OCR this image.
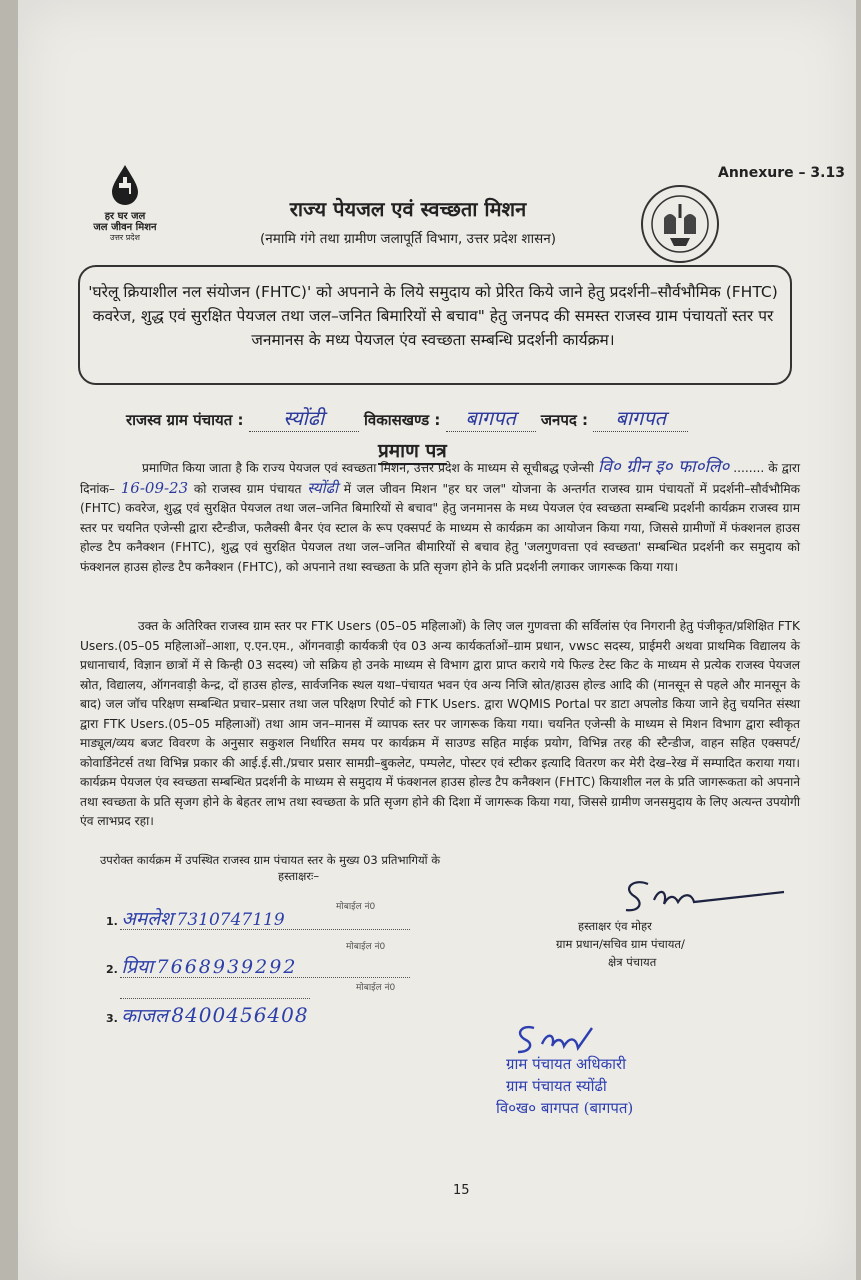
Annexure – 3.13
हर घर जल
जल जीवन मिशन
उत्तर प्रदेश
राज्य पेयजल एवं स्वच्छता मिशन
(नमामि गंगे तथा ग्रामीण जलापूर्ति विभाग, उत्तर प्रदेश शासन)
'घरेलू क्रियाशील नल संयोजन (FHTC)' को अपनाने के लिये समुदाय को प्रेरित किये जाने हेतु प्रदर्शनी–सौर्वभौमिक (FHTC) कवरेज, शुद्ध एवं सुरक्षित पेयजल तथा जल–जनित बिमारियों से बचाव" हेतु जनपद की समस्त राजस्व ग्राम पंचायतों स्तर पर जनमानस के मध्य पेयजल एंव स्वच्छता सम्बन्धि प्रदर्शनी कार्यक्रम।
राजस्व ग्राम पंचायत : स्योंढी	विकासखण्ड : बागपत जनपद : बागपत
प्रमाण पत्र
प्रमाणित किया जाता है कि राज्य पेयजल एवं स्वच्छता मिशन, उत्तर प्रदेश के माध्यम से सूचीबद्ध एजेन्सी वि० ग्रीन इ० फा०लि० ........ के द्वारा दिनांक– 16-09-23 को राजस्व ग्राम पंचायत स्योंढी में जल जीवन मिशन "हर घर जल" योजना के अन्तर्गत राजस्व ग्राम पंचायतों में प्रदर्शनी–सौर्वभौमिक (FHTC) कवरेज, शुद्ध एवं सुरक्षित पेयजल तथा जल–जनित बिमारियों से बचाव" हेतु जनमानस के मध्य पेयजल एंव स्वच्छता सम्बन्धि प्रदर्शनी कार्यक्रम राजस्व ग्राम स्तर पर चयनित एजेन्सी द्वारा स्टैन्डीज, फलैक्सी बैनर एंव स्टाल के रूप एक्सपर्ट के माध्यम से कार्यक्रम का आयोजन किया गया, जिससे ग्रामीणों में फंक्शनल हाउस होल्ड टैप कनैक्शन (FHTC), शुद्ध एवं सुरक्षित पेयजल तथा जल–जनित बीमारियों से बचाव हेतु 'जलगुणवत्ता एवं स्वच्छता' सम्बन्धित प्रदर्शनी कर समुदाय को फंक्शनल हाउस होल्ड टैप कनैक्शन (FHTC), को अपनाने तथा स्वच्छता के प्रति सृजग होने के प्रति प्रदर्शनी लगाकर जागरूक किया गया।
उक्त के अतिरिक्त राजस्व ग्राम स्तर पर FTK Users (05–05 महिलाओं) के लिए जल गुणवत्ता की सर्विलांस एंव निगरानी हेतु पंजीकृत/प्रशिक्षित FTK Users.(05–05 महिलाओं–आशा, ए.एन.एम., ऑगनवाड़ी कार्यकत्री एंव 03 अन्य कार्यकर्ताओं–ग्राम प्रधान, vwsc सदस्य, प्राईमरी अथवा प्राथमिक विद्यालय के प्रधानाचार्य, विज्ञान छात्रों में से किन्ही 03 सदस्य) जो सक्रिय हो उनके माध्यम से विभाग द्वारा प्राप्त कराये गये फिल्ड टेस्ट किट के माध्यम से प्रत्येक राजस्व पेयजल स्रोत, विद्यालय, ऑगनवाड़ी केन्द्र, दों हाउस होल्ड, सार्वजनिक स्थल यथा–पंचायत भवन एंव अन्य निजि स्रोत/हाउस होल्ड आदि की (मानसून से पहले और मानसून के बाद) जल जॉच परिक्षण सम्बन्धित प्रचार–प्रसार तथा जल परिक्षण रिपोर्ट को FTK Users. द्वारा WQMIS Portal पर डाटा अपलोड किया जाने हेतु चयनित संस्था द्वारा FTK Users.(05–05 महिलाओं) तथा आम जन–मानस में व्यापक स्तर पर जागरूक किया गया। चयनित एजेन्सी के माध्यम से मिशन विभाग द्वारा स्वीकृत माड्यूल/व्यय बजट विवरण के अनुसार सकुशल निर्धारित समय पर कार्यक्रम में साउण्ड सहित माईक प्रयोग, विभिन्न तरह की स्टैन्डीज, वाहन सहित एक्सपर्ट/कोवार्डिनेटर्स तथा विभिन्न प्रकार की आई.ई.सी./प्रचार प्रसार सामग्री–बुकलेट, पम्पलेट, पोस्टर एवं स्टीकर इत्यादि वितरण कर मेरी देख–रेख में सम्पादित कराया गया। कार्यक्रम पेयजल एंव स्वच्छता सम्बन्धित प्रदर्शनी के माध्यम से समुदाय में फंक्शनल हाउस होल्ड टैप कनैक्शन (FHTC) कियाशील नल के प्रति जागरूकता को अपनाने तथा स्वच्छता के प्रति सृजग होने के बेहतर लाभ तथा स्वच्छता के प्रति सृजग होने की दिशा में जागरूक किया गया, जिससे ग्रामीण जनसमुदाय के लिए अत्यन्त उपयोगी एंव लाभप्रद रहा।
उपरोक्त कार्यक्रम में उपस्थित राजस्व ग्राम पंचायत स्तर के मुख्य 03 प्रतिभागियों के
हस्ताक्षरः–
हस्ताक्षर एंव मोहर
ग्राम प्रधान/सचिव ग्राम पंचायत/
क्षेत्र पंचायत
मोबाईल नं0
1. अमलेश 7310747119
मोबाईल नं0
2. प्रिया 7668939292
मोबाईल नं0
3. काजल 8400456408
ग्राम पंचायत अधिकारी
ग्राम पंचायत स्योंढी
वि०ख० बागपत (बागपत)
15
